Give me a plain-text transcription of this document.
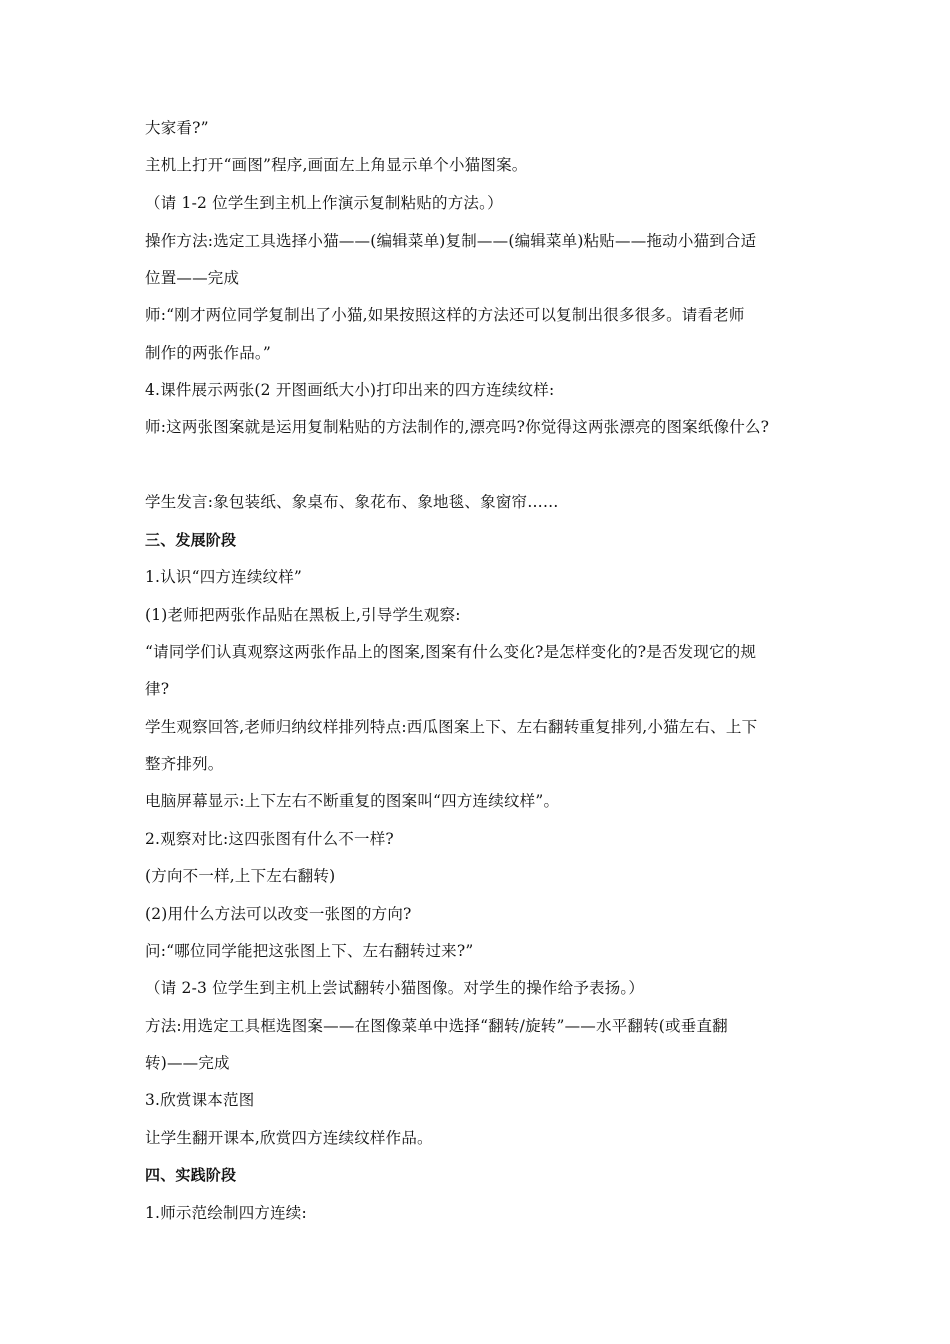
大家看?”
主机上打开“画图”程序,画面左上角显示单个小猫图案。
（请 1-2 位学生到主机上作演示复制粘贴的方法。）
操作方法:选定工具选择小猫——(编辑菜单)复制——(编辑菜单)粘贴——拖动小猫到合适
位置——完成
师:“刚才两位同学复制出了小猫,如果按照这样的方法还可以复制出很多很多。请看老师
制作的两张作品。”
4.课件展示两张(2 开图画纸大小)打印出来的四方连续纹样:
师:这两张图案就是运用复制粘贴的方法制作的,漂亮吗?你觉得这两张漂亮的图案纸像什么?
学生发言:象包装纸、象桌布、象花布、象地毯、象窗帘……
三、发展阶段
1.认识“四方连续纹样”
(1)老师把两张作品贴在黑板上,引导学生观察:
“请同学们认真观察这两张作品上的图案,图案有什么变化?是怎样变化的?是否发现它的规
律?
学生观察回答,老师归纳纹样排列特点:西瓜图案上下、左右翻转重复排列,小猫左右、上下
整齐排列。
电脑屏幕显示:上下左右不断重复的图案叫“四方连续纹样”。
2.观察对比:这四张图有什么不一样?
(方向不一样,上下左右翻转)
(2)用什么方法可以改变一张图的方向?
问:“哪位同学能把这张图上下、左右翻转过来?”
（请 2-3 位学生到主机上尝试翻转小猫图像。对学生的操作给予表扬。）
方法:用选定工具框选图案——在图像菜单中选择“翻转/旋转”——水平翻转(或垂直翻
转)——完成
3.欣赏课本范图
让学生翻开课本,欣赏四方连续纹样作品。
四、实践阶段
1.师示范绘制四方连续:
